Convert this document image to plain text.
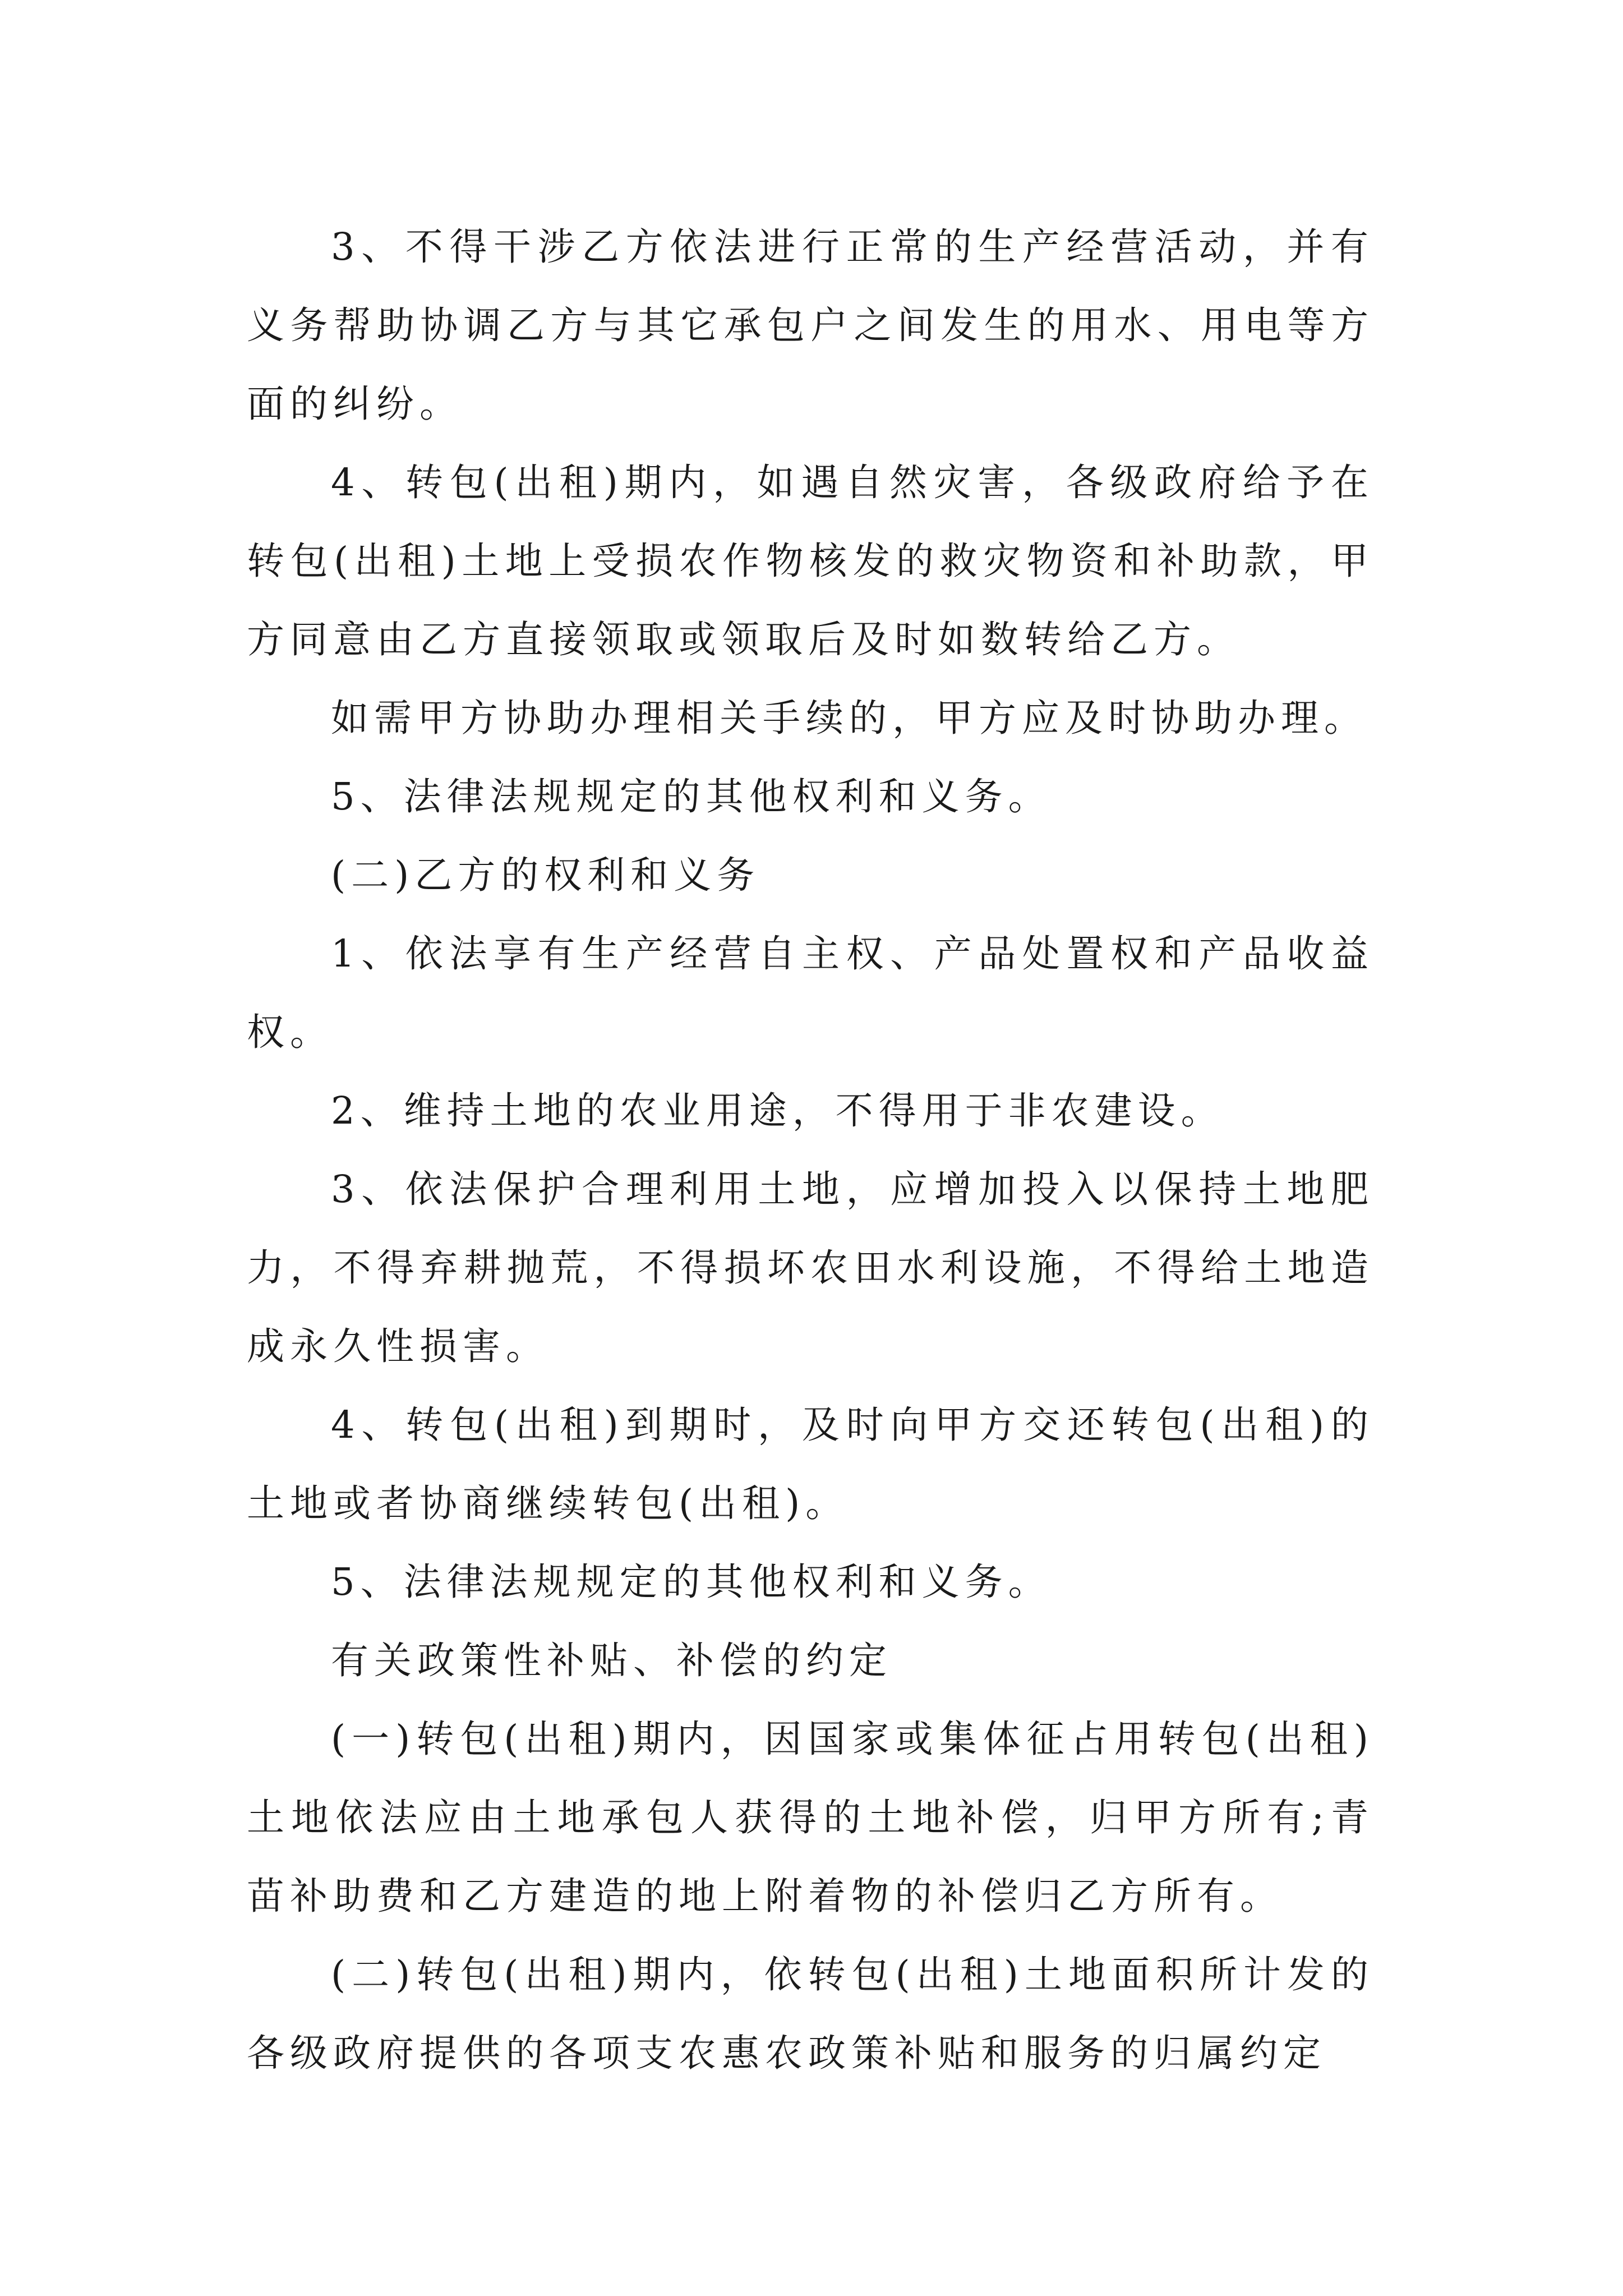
3、不得干涉乙方依法进行正常的生产经营活动，并有义务帮助协调乙方与其它承包户之间发生的用水、用电等方面的纠纷。

4、转包(出租)期内，如遇自然灾害，各级政府给予在转包(出租)土地上受损农作物核发的救灾物资和补助款，甲方同意由乙方直接领取或领取后及时如数转给乙方。

如需甲方协助办理相关手续的，甲方应及时协助办理。

5、法律法规规定的其他权利和义务。

(二)乙方的权利和义务

1、依法享有生产经营自主权、产品处置权和产品收益权。

2、维持土地的农业用途，不得用于非农建设。

3、依法保护合理利用土地，应增加投入以保持土地肥力，不得弃耕抛荒，不得损坏农田水利设施，不得给土地造成永久性损害。

4、转包(出租)到期时，及时向甲方交还转包(出租)的土地或者协商继续转包(出租)。

5、法律法规规定的其他权利和义务。

有关政策性补贴、补偿的约定

(一)转包(出租)期内，因国家或集体征占用转包(出租)土地依法应由土地承包人获得的土地补偿，归甲方所有;青苗补助费和乙方建造的地上附着物的补偿归乙方所有。

(二)转包(出租)期内，依转包(出租)土地面积所计发的各级政府提供的各项支农惠农政策补贴和服务的归属约定
